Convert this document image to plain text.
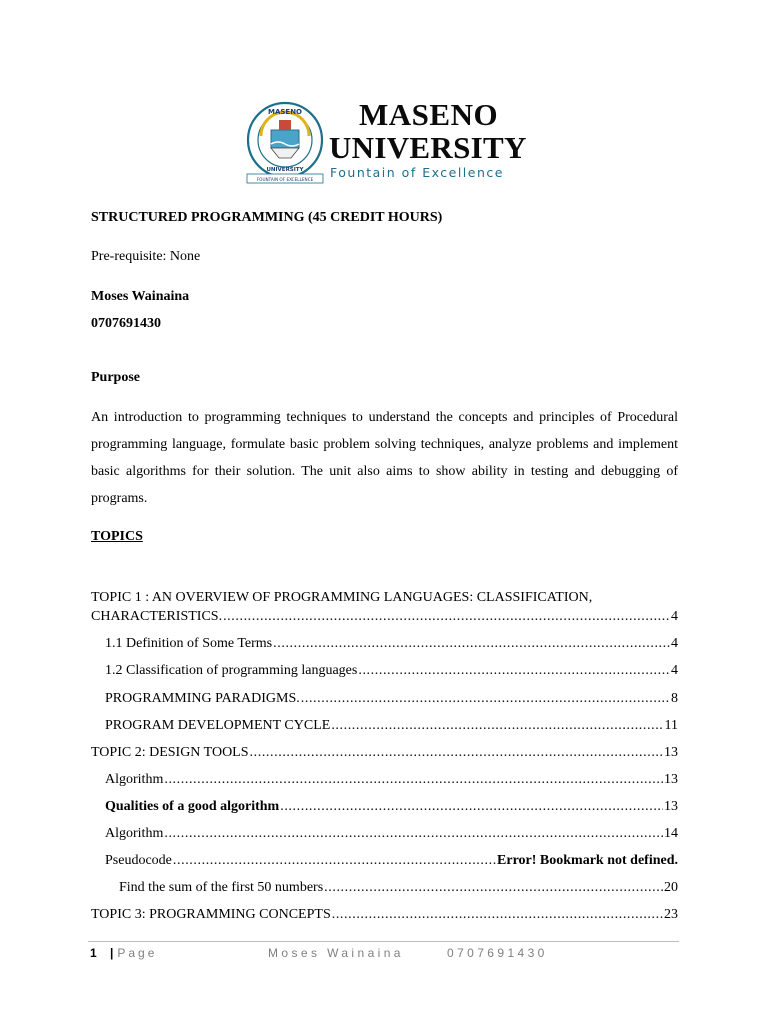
MASENO
UNIVERSITY
FOUNTAIN OF EXCELLENCE
MASENO
UNIVERSITY
Fountain of Excellence
STRUCTURED PROGRAMMING (45 CREDIT HOURS)
Pre-requisite: None
Moses Wainaina
0707691430
Purpose
An introduction to programming techniques to understand the concepts and principles of Procedural programming language, formulate basic problem solving techniques, analyze problems and implement basic algorithms for their solution. The unit also aims to show ability in testing and debugging of programs.
TOPICS
TOPIC 1 : AN OVERVIEW OF PROGRAMMING LANGUAGES: CLASSIFICATION,
CHARACTERISTICS. .....	4
1.1 Definition of Some Terms .....	4
1.2 Classification of programming languages .....	4
PROGRAMMING PARADIGMS. .....	8
PROGRAM DEVELOPMENT CYCLE .....	11
TOPIC 2: DESIGN TOOLS .....	13
Algorithm .....	13
Qualities of a good algorithm .....	13
Algorithm .....	14
Pseudocode .....	Error! Bookmark not defined.
Find the sum of the first 50 numbers .....	20
TOPIC 3: PROGRAMMING CONCEPTS .....	23
1 | Page	Moses Wainaina	0707691430
